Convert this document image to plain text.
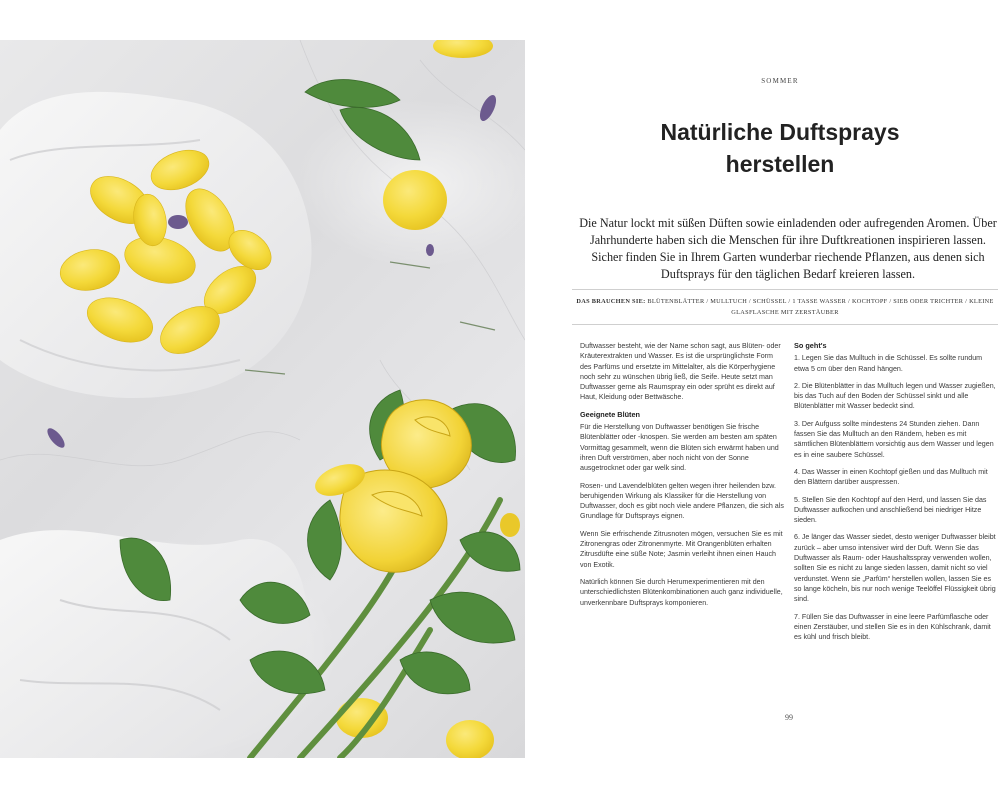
SOMMER
Natürliche Duftsprays
herstellen

Die Natur lockt mit süßen Düften sowie einladenden oder aufregenden Aromen. Über Jahrhunderte haben sich die Menschen für ihre Duftkreationen inspirieren lassen. Sicher finden Sie in Ihrem Garten wunderbar riechende Pflanzen, aus denen sich Duftsprays für den täglichen Bedarf kreieren lassen.

DAS BRAUCHEN SIE: BLÜTENBLÄTTER / MULLTUCH / SCHÜSSEL / 1 TASSE WASSER / KOCHTOPF / SIEB ODER TRICHTER / KLEINE GLASFLASCHE MIT ZERSTÄUBER

Duftwasser besteht, wie der Name schon sagt, aus Blüten- oder Kräuterextrakten und Wasser. Es ist die ursprünglichste Form des Parfüms und ersetzte im Mittelalter, als die Körperhygiene noch sehr zu wünschen übrig ließ, die Seife. Heute setzt man Duftwasser gerne als Raumspray ein oder sprüht es direkt auf Haut, Kleidung oder Bettwäsche.

Geeignete Blüten

Für die Herstellung von Duftwasser benötigen Sie frische Blütenblätter oder -knospen. Sie werden am besten am späten Vormittag gesammelt, wenn die Blüten sich erwärmt haben und ihren Duft verströmen, aber noch nicht von der Sonne ausgetrocknet oder gar welk sind.

Rosen- und Lavendelblüten gelten wegen ihrer heilenden bzw. beruhigenden Wirkung als Klassiker für die Herstellung von Duftwasser, doch es gibt noch viele andere Pflanzen, die sich als Grundlage für Duftsprays eignen.

Wenn Sie erfrischende Zitrusnoten mögen, versuchen Sie es mit Zitronengras oder Zitronenmyrte. Mit Orangenblüten erhalten Zitrusdüfte eine süße Note; Jasmin verleiht ihnen einen Hauch von Exotik.

Natürlich können Sie durch Herumexperimentieren mit den unterschiedlichsten Blütenkombinationen auch ganz individuelle, unverkennbare Duftsprays komponieren.

So geht's

1. Legen Sie das Mulltuch in die Schüssel. Es sollte rundum etwa 5 cm über den Rand hängen.

2. Die Blütenblätter in das Mulltuch legen und Wasser zugießen, bis das Tuch auf den Boden der Schüssel sinkt und alle Blütenblätter mit Wasser bedeckt sind.

3. Der Aufguss sollte mindestens 24 Stunden ziehen. Dann fassen Sie das Mulltuch an den Rändern, heben es mit sämtlichen Blütenblättern vorsichtig aus dem Wasser und legen es in eine saubere Schüssel.

4. Das Wasser in einen Kochtopf gießen und das Mulltuch mit den Blättern darüber auspressen.

5. Stellen Sie den Kochtopf auf den Herd, und lassen Sie das Duftwasser aufkochen und anschließend bei niedriger Hitze sieden.

6. Je länger das Wasser siedet, desto weniger Duftwasser bleibt zurück – aber umso intensiver wird der Duft. Wenn Sie das Duftwasser als Raum- oder Haushaltsspray verwenden wollen, sollten Sie es nicht zu lange sieden lassen, damit nicht so viel verdunstet. Wenn sie „Parfüm“ herstellen wollen, lassen Sie es so lange köcheln, bis nur noch wenige Teelöffel Flüssigkeit übrig sind.

7. Füllen Sie das Duftwasser in eine leere Parfümflasche oder einen Zerstäuber, und stellen Sie es in den Kühlschrank, damit es kühl und frisch bleibt.

99
